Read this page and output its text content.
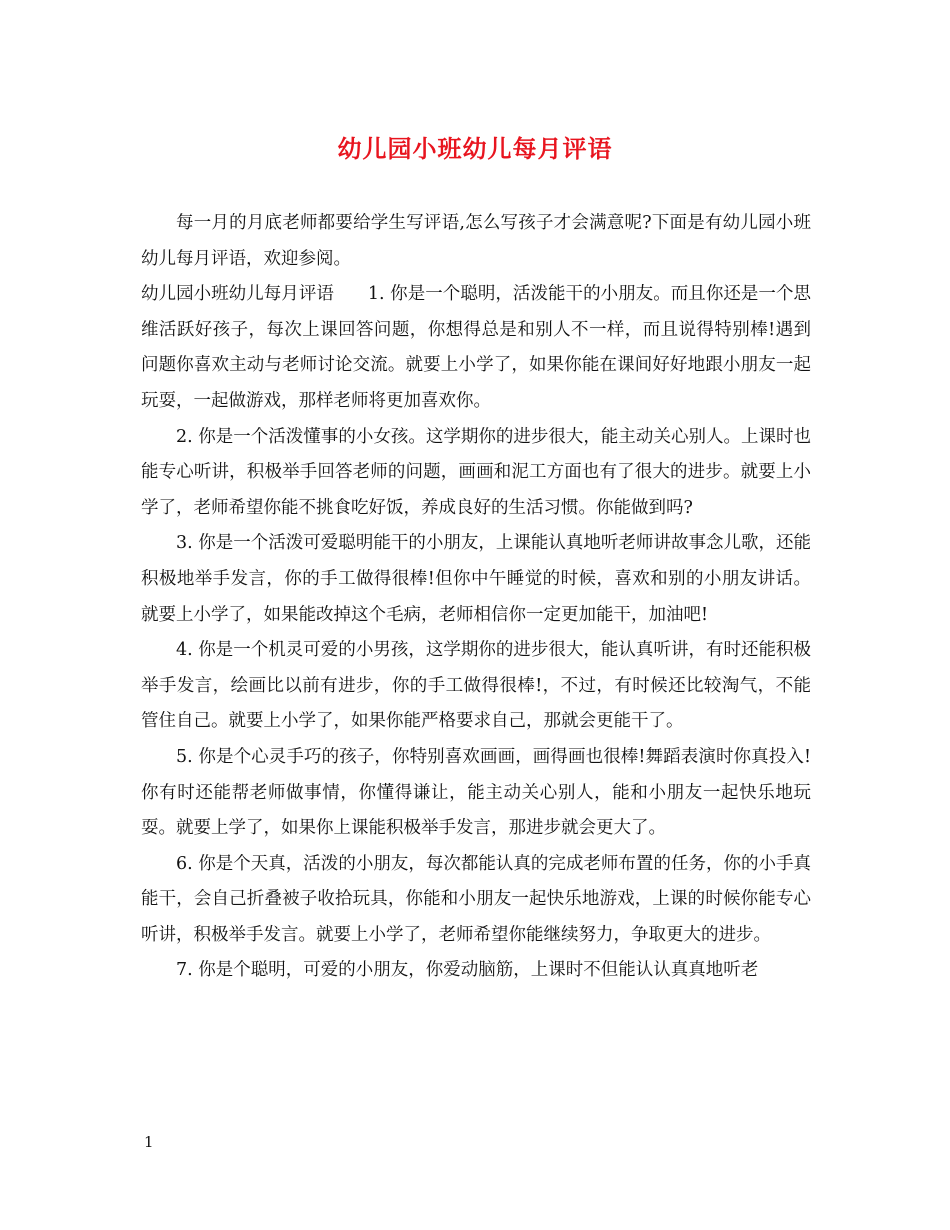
幼儿园小班幼儿每月评语

每一月的月底老师都要给学生写评语,怎么写孩子才会满意呢?下面是有幼儿园小班幼儿每月评语，欢迎参阅。

幼儿园小班幼儿每月评语 1. 你是一个聪明，活泼能干的小朋友。而且你还是一个思维活跃好孩子，每次上课回答问题，你想得总是和别人不一样，而且说得特别棒!遇到问题你喜欢主动与老师讨论交流。就要上小学了，如果你能在课间好好地跟小朋友一起玩耍，一起做游戏，那样老师将更加喜欢你。

2. 你是一个活泼懂事的小女孩。这学期你的进步很大，能主动关心别人。上课时也能专心听讲，积极举手回答老师的问题，画画和泥工方面也有了很大的进步。就要上小学了，老师希望你能不挑食吃好饭，养成良好的生活习惯。你能做到吗?

3. 你是一个活泼可爱聪明能干的小朋友，上课能认真地听老师讲故事念儿歌，还能积极地举手发言，你的手工做得很棒!但你中午睡觉的时候，喜欢和别的小朋友讲话。就要上小学了，如果能改掉这个毛病，老师相信你一定更加能干，加油吧!

4. 你是一个机灵可爱的小男孩，这学期你的进步很大，能认真听讲，有时还能积极举手发言，绘画比以前有进步，你的手工做得很棒!，不过，有时候还比较淘气，不能管住自己。就要上小学了，如果你能严格要求自己，那就会更能干了。

5. 你是个心灵手巧的孩子，你特别喜欢画画，画得画也很棒!舞蹈表演时你真投入!你有时还能帮老师做事情，你懂得谦让，能主动关心别人，能和小朋友一起快乐地玩耍。就要上学了，如果你上课能积极举手发言，那进步就会更大了。

6. 你是个天真，活泼的小朋友，每次都能认真的完成老师布置的任务，你的小手真能干，会自己折叠被子收拾玩具，你能和小朋友一起快乐地游戏，上课的时候你能专心听讲，积极举手发言。就要上小学了，老师希望你能继续努力，争取更大的进步。

7. 你是个聪明，可爱的小朋友，你爱动脑筋，上课时不但能认认真真地听老

1
